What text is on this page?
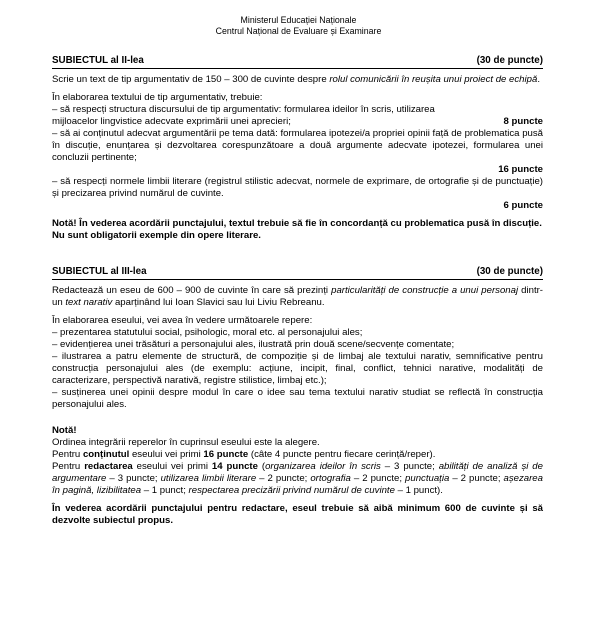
Ministerul Educației Naționale
Centrul Național de Evaluare și Examinare
SUBIECTUL al II-lea	(30 de puncte)

Scrie un text de tip argumentativ de 150 – 300 de cuvinte despre rolul comunicării în reușita unui proiect de echipă.

În elaborarea textului de tip argumentativ, trebuie:

– să respecți structura discursului de tip argumentativ: formularea ideilor în scris, utilizarea

mijloacelor lingvistice adecvate exprimării unei aprecieri;	8 puncte

– să ai conținutul adecvat argumentării pe tema dată: formularea ipotezei/a propriei opinii față de problematica pusă în discuție, enunțarea și dezvoltarea corespunzătoare a două argumente adecvate ipotezei, formularea unei concluzii pertinente;

16 puncte

– să respecți normele limbii literare (registrul stilistic adecvat, normele de exprimare, de ortografie și de punctuație) și precizarea privind numărul de cuvinte.

6 puncte

Notă! În vederea acordării punctajului, textul trebuie să fie în concordanță cu problematica pusă în discuție.

Nu sunt obligatorii exemple din opere literare.

SUBIECTUL al III-lea	(30 de puncte)

Redactează un eseu de 600 – 900 de cuvinte în care să prezinți particularități de construcție a unui personaj dintr-un text narativ aparținând lui Ioan Slavici sau lui Liviu Rebreanu.

În elaborarea eseului, vei avea în vedere următoarele repere:

– prezentarea statutului social, psihologic, moral etc. al personajului ales;

– evidențierea unei trăsături a personajului ales, ilustrată prin două scene/secvențe comentate;

– ilustrarea a patru elemente de structură, de compoziție și de limbaj ale textului narativ, semnificative pentru construcția personajului ales (de exemplu: acțiune, incipit, final, conflict, tehnici narative, modalități de caracterizare, perspectivă narativă, registre stilistice, limbaj etc.);

– susținerea unei opinii despre modul în care o idee sau tema textului narativ studiat se reflectă în construcția personajului ales.

Notă!

Ordinea integrării reperelor în cuprinsul eseului este la alegere.

Pentru conținutul eseului vei primi 16 puncte (câte 4 puncte pentru fiecare cerință/reper).

Pentru redactarea eseului vei primi 14 puncte (organizarea ideilor în scris – 3 puncte; abilități de analiză și de argumentare – 3 puncte; utilizarea limbii literare – 2 puncte; ortografia – 2 puncte; punctuația – 2 puncte; așezarea în pagină, lizibilitatea – 1 punct; respectarea precizării privind numărul de cuvinte – 1 punct).

În vederea acordării punctajului pentru redactare, eseul trebuie să aibă minimum 600 de cuvinte și să dezvolte subiectul propus.
